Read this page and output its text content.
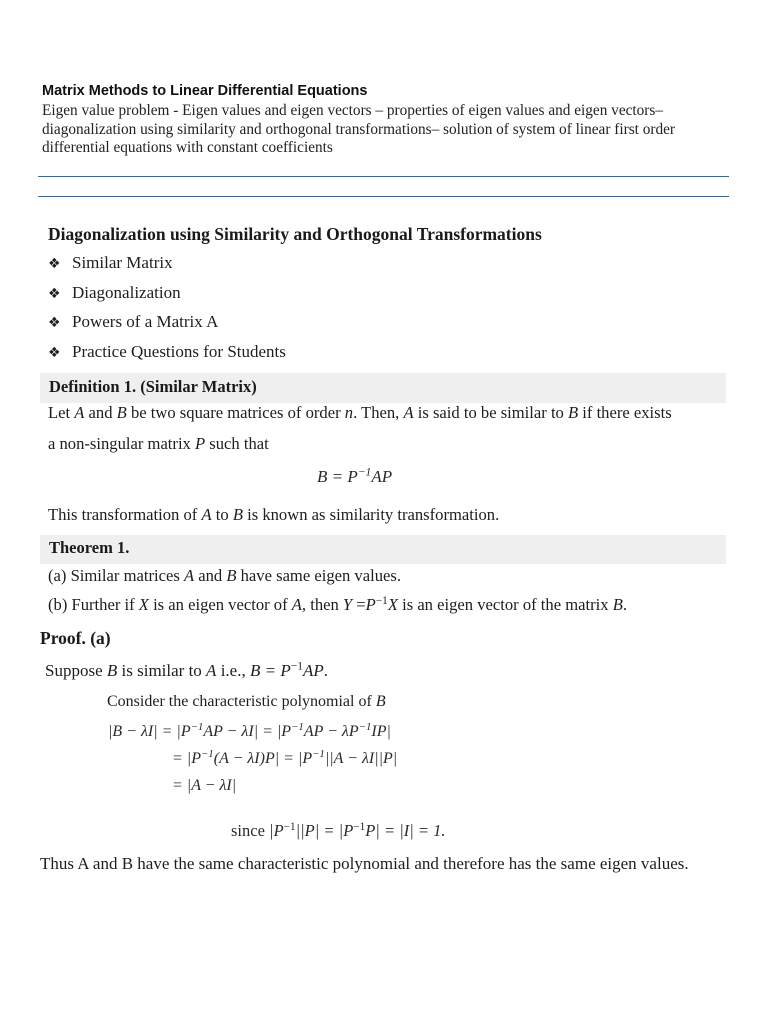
Matrix Methods to Linear Differential Equations
Eigen value problem - Eigen values and eigen vectors – properties of eigen values and eigen vectors– diagonalization using similarity and orthogonal transformations– solution of system of linear first order differential equations with constant coefficients
Diagonalization using Similarity and Orthogonal Transformations
❖ Similar Matrix
❖ Diagonalization
❖ Powers of a Matrix A
❖ Practice Questions for Students
Definition 1. (Similar Matrix)
Let A and B be two square matrices of order n. Then, A is said to be similar to B if there exists
a non-singular matrix P such that
$B = P^{-1}AP$
This transformation of A to B is known as similarity transformation.
Theorem 1.
(a) Similar matrices A and B have same eigen values.
(b) Further if X is an eigen vector of A, then $Y =P^{-1}X$ is an eigen vector of the matrix B.
Proof. (a)
Suppose B is similar to A i.e., $B = P^{-1}AP$.
Consider the characteristic polynomial of B
$|B - \lambda I| = |P^{-1}AP - \lambda I| = |P^{-1}AP - \lambda P^{-1}IP|$
= $|P^{-1}(A - \lambda I)P| = |P^{-1}||A - \lambda I||P|$
= |A − λI|
since $|P^{-1}||P| = |P^{-1}P| = |I| = 1$.
Thus A and B have the same characteristic polynomial and therefore has the same eigen values.
